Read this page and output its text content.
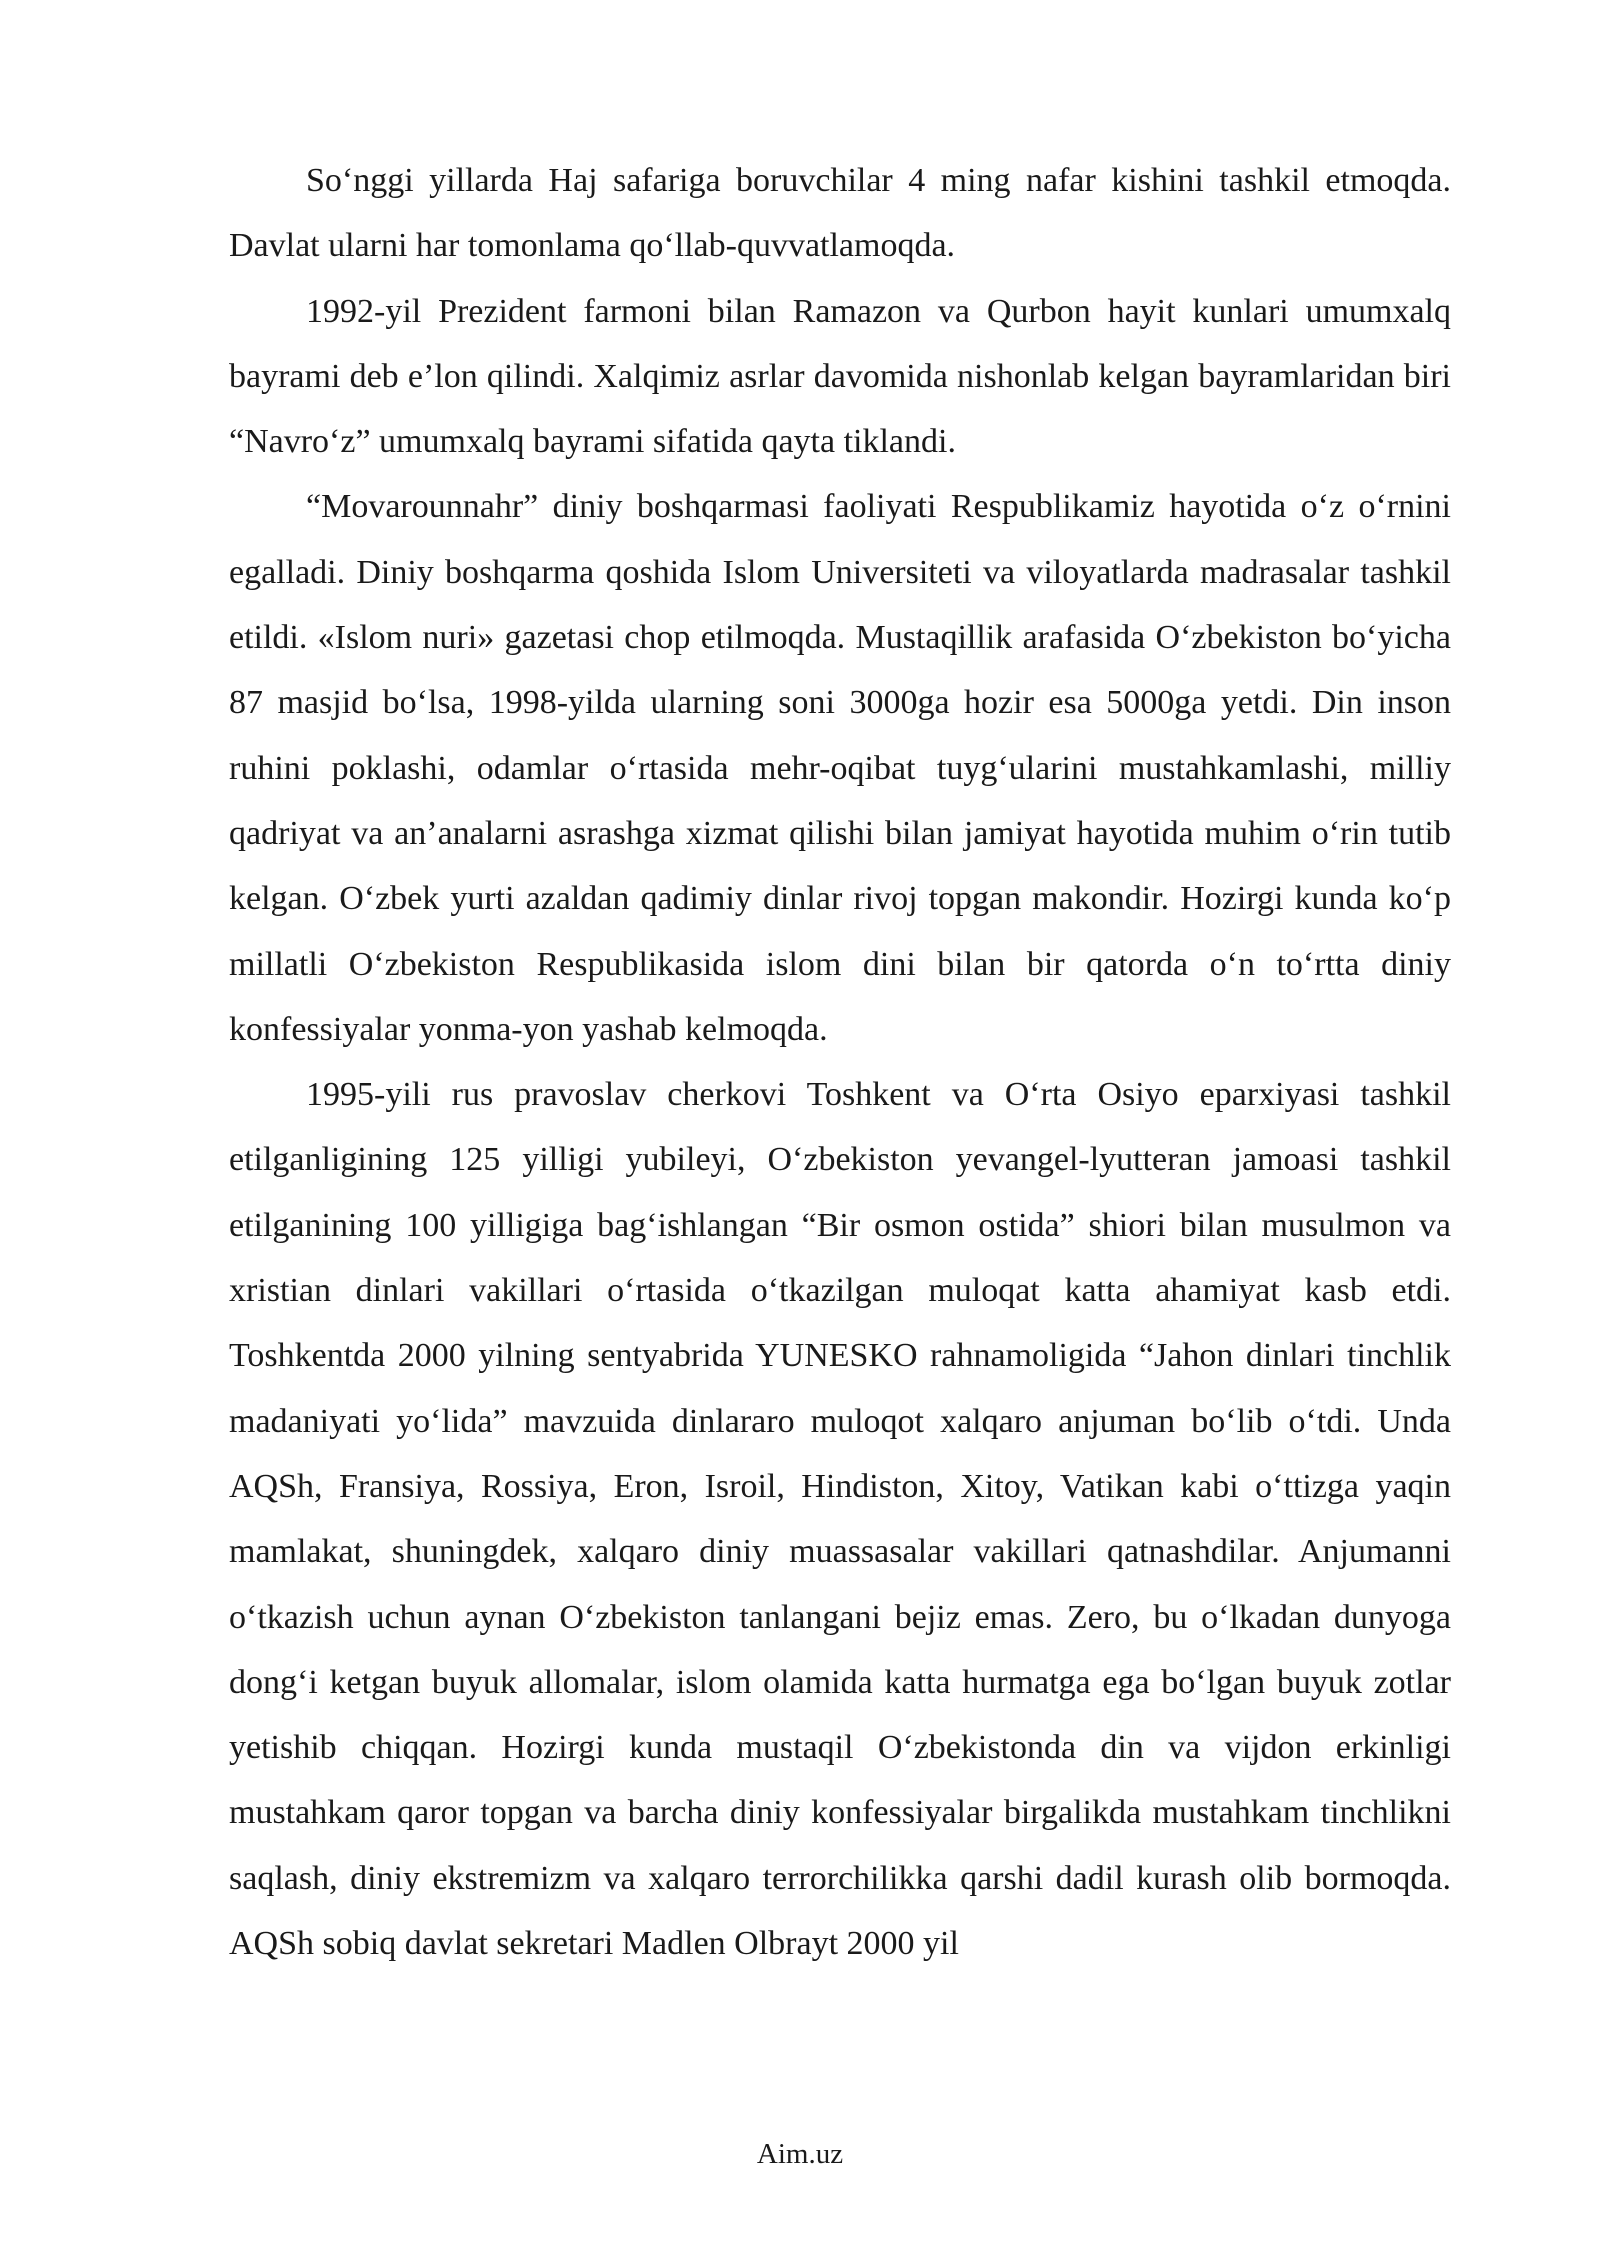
So‘nggi yillarda Haj safariga boruvchilar 4 ming nafar kishini tashkil etmoqda. Davlat ularni har tomonlama qo‘llab-quvvatlamoqda.

1992-yil Prezident farmoni bilan Ramazon va Qurbon hayit kunlari umumxalq bayrami deb e’lon qilindi. Xalqimiz asrlar davomida nishonlab kelgan bayramlaridan biri “Navro‘z” umumxalq bayrami sifatida qayta tiklandi.

“Movarounnahr” diniy boshqarmasi faoliyati Respublikamiz hayotida o‘z o‘rnini egalladi. Diniy boshqarma qoshida Islom Universiteti va viloyatlarda madrasalar tashkil etildi. «Islom nuri» gazetasi chop etilmoqda. Mustaqillik arafasida O‘zbekiston bo‘yicha 87 masjid bo‘lsa, 1998-yilda ularning soni 3000ga hozir esa 5000ga yetdi. Din inson ruhini poklashi, odamlar o‘rtasida mehr-oqibat tuyg‘ularini mustahkamlashi, milliy qadriyat va an’analarni asrashga xizmat qilishi bilan jamiyat hayotida muhim o‘rin tutib kelgan. O‘zbek yurti azaldan qadimiy dinlar rivoj topgan makondir. Hozirgi kunda ko‘p millatli O‘zbekiston Respublikasida islom dini bilan bir qatorda o‘n to‘rtta diniy konfessiyalar yonma-yon yashab kelmoqda.

1995-yili rus pravoslav cherkovi Toshkent va O‘rta Osiyo eparxiyasi tashkil etilganligining 125 yilligi yubileyi, O‘zbekiston yevangel-lyutteran jamoasi tashkil etilganining 100 yilligiga bag‘ishlangan “Bir osmon ostida” shiori bilan musulmon va xristian dinlari vakillari o‘rtasida o‘tkazilgan muloqat katta ahamiyat kasb etdi. Toshkentda 2000 yilning sentyabrida YUNESKO rahnamoligida “Jahon dinlari tinchlik madaniyati yo‘lida” mavzuida dinlararo muloqot xalqaro anjuman bo‘lib o‘tdi. Unda AQSh, Fransiya, Rossiya, Eron, Isroil, Hindiston, Xitoy, Vatikan kabi o‘ttizga yaqin mamlakat, shuningdek, xalqaro diniy muassasalar vakillari qatnashdilar. Anjumanni o‘tkazish uchun aynan O‘zbekiston tanlangani bejiz emas. Zero, bu o‘lkadan dunyoga dong‘i ketgan buyuk allomalar, islom olamida katta hurmatga ega bo‘lgan buyuk zotlar yetishib chiqqan. Hozirgi kunda mustaqil O‘zbekistonda din va vijdon erkinligi mustahkam qaror topgan va barcha diniy konfessiyalar birgalikda mustahkam tinchlikni saqlash, diniy ekstremizm va xalqaro terrorchilikka qarshi dadil kurash olib bormoqda. AQSh sobiq davlat sekretari Madlen Olbrayt 2000 yil

Aim.uz
